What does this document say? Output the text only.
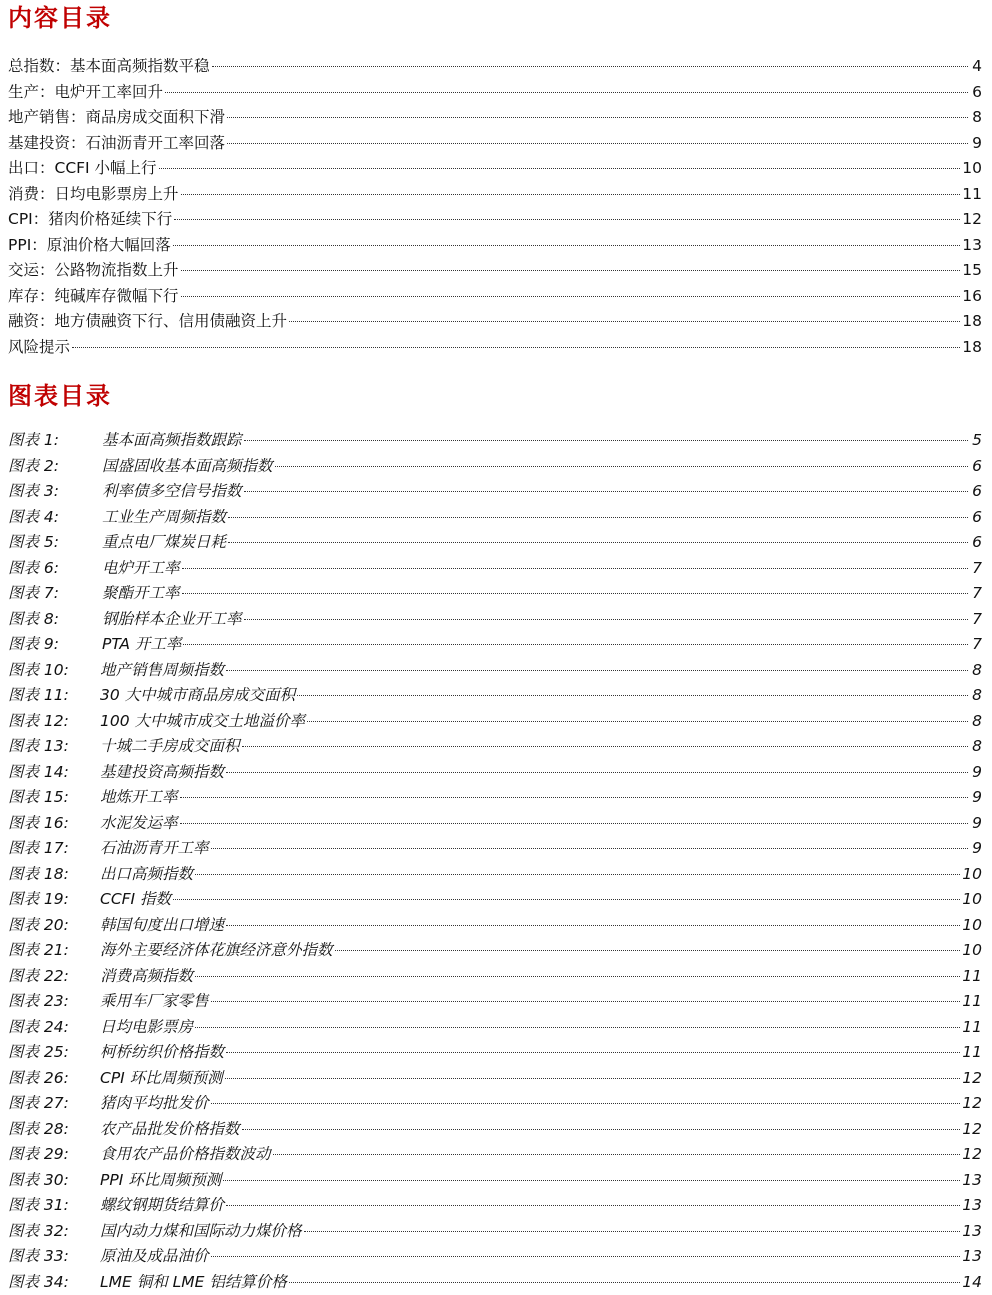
内容目录
总指数：基本面高频指数平稳	4
生产：电炉开工率回升	6
地产销售：商品房成交面积下滑	8
基建投资：石油沥青开工率回落	9
出口：CCFI 小幅上行	10
消费：日均电影票房上升	11
CPI：猪肉价格延续下行	12
PPI：原油价格大幅回落	13
交运：公路物流指数上升	15
库存：纯碱库存微幅下行	16
融资：地方债融资下行、信用债融资上升	18
风险提示	18
图表目录
图表 1:	基本面高频指数跟踪	5
图表 2:	国盛固收基本面高频指数	6
图表 3:	利率债多空信号指数	6
图表 4:	工业生产周频指数	6
图表 5:	重点电厂煤炭日耗	6
图表 6:	电炉开工率	7
图表 7:	聚酯开工率	7
图表 8:	钢胎样本企业开工率	7
图表 9:	PTA 开工率	7
图表 10:	地产销售周频指数	8
图表 11:	30 大中城市商品房成交面积	8
图表 12:	100 大中城市成交土地溢价率	8
图表 13:	十城二手房成交面积	8
图表 14:	基建投资高频指数	9
图表 15:	地炼开工率	9
图表 16:	水泥发运率	9
图表 17:	石油沥青开工率	9
图表 18:	出口高频指数	10
图表 19:	CCFI 指数	10
图表 20:	韩国旬度出口增速	10
图表 21:	海外主要经济体花旗经济意外指数	10
图表 22:	消费高频指数	11
图表 23:	乘用车厂家零售	11
图表 24:	日均电影票房	11
图表 25:	柯桥纺织价格指数	11
图表 26:	CPI 环比周频预测	12
图表 27:	猪肉平均批发价	12
图表 28:	农产品批发价格指数	12
图表 29:	食用农产品价格指数波动	12
图表 30:	PPI 环比周频预测	13
图表 31:	螺纹钢期货结算价	13
图表 32:	国内动力煤和国际动力煤价格	13
图表 33:	原油及成品油价	13
图表 34:	LME 铜和 LME 铝结算价格	14
